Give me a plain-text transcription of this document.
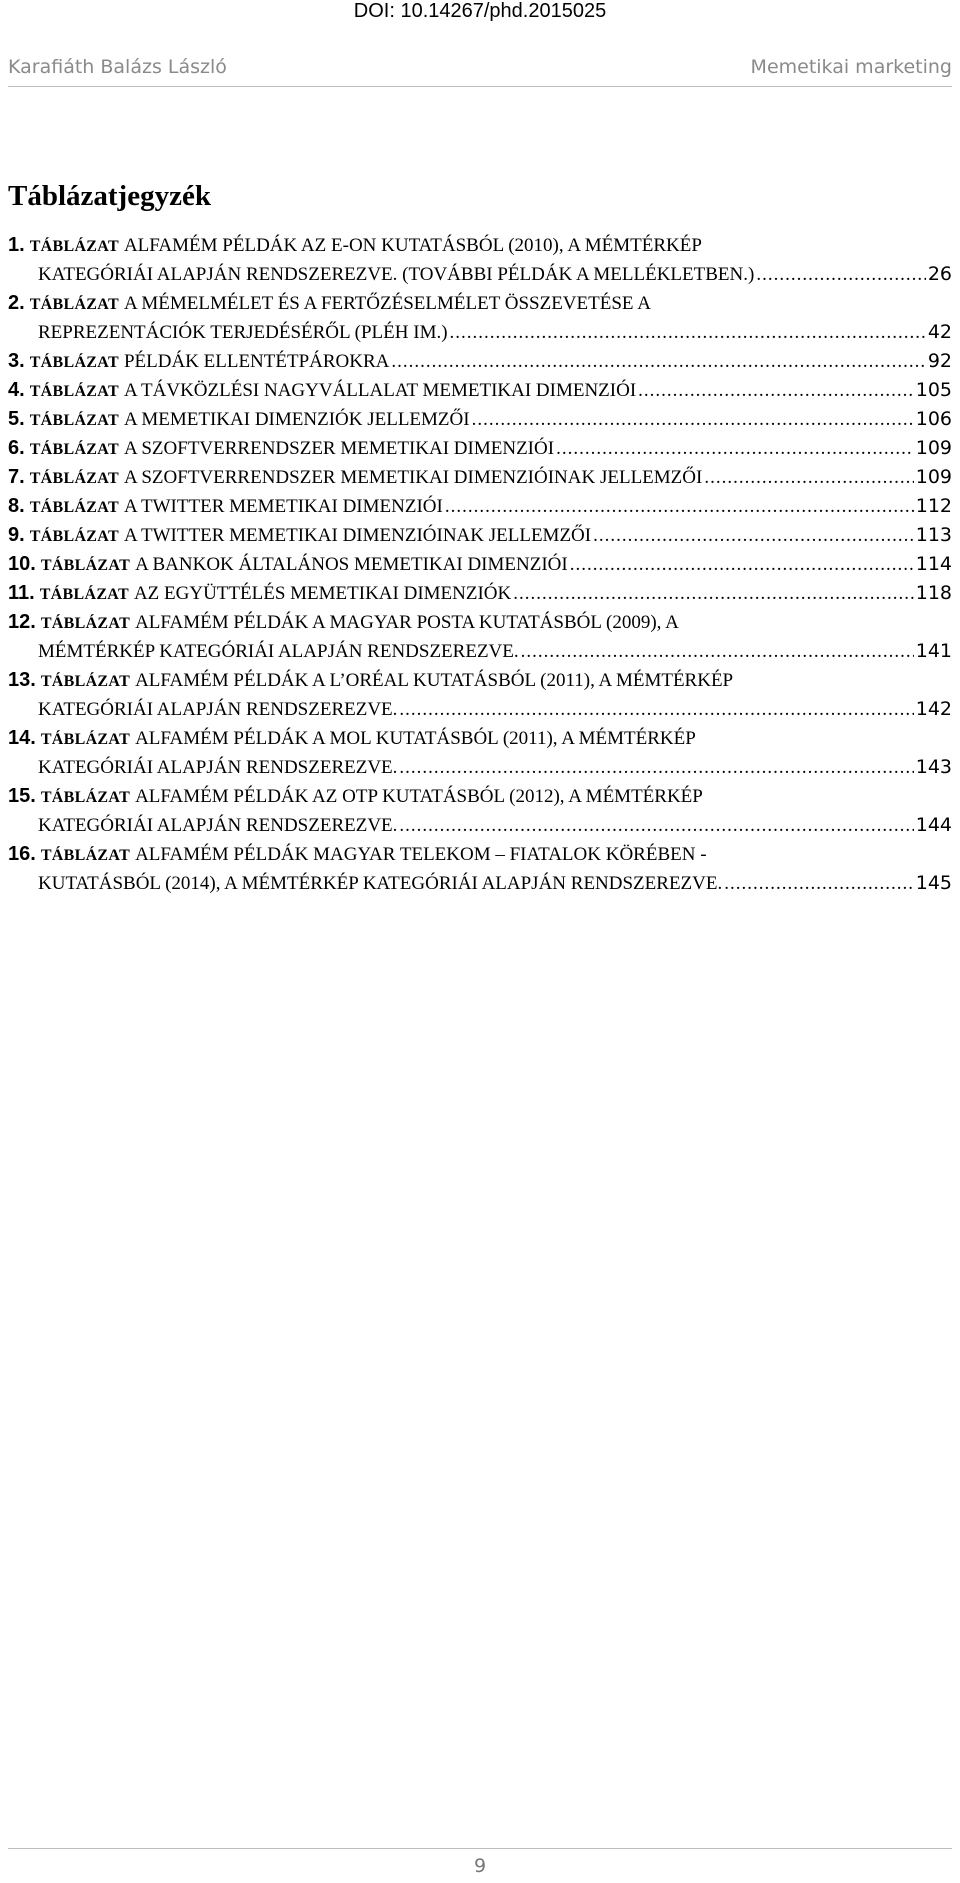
DOI: 10.14267/phd.2015025
Karafiáth Balázs László	Memetikai marketing
Táblázatjegyzék
1. TÁBLÁZAT ALFAMÉM PÉLDÁK AZ E-ON KUTATÁSBÓL (2010), A MÉMTÉRKÉP
KATEGÓRIÁI ALAPJÁN RENDSZEREZVE. (TOVÁBBI PÉLDÁK A MELLÉKLETBEN.) .....	26
2. TÁBLÁZAT A MÉMELMÉLET ÉS A FERTŐZÉSELMÉLET ÖSSZEVETÉSE A
REPREZENTÁCIÓK TERJEDÉSÉRŐL (PLÉH IM.) .....	42
3. TÁBLÁZAT PÉLDÁK ELLENTÉTPÁROKRA .....	92
4. TÁBLÁZAT A TÁVKÖZLÉSI NAGYVÁLLALAT MEMETIKAI DIMENZIÓI .....	105
5. TÁBLÁZAT A MEMETIKAI DIMENZIÓK JELLEMZŐI .....	106
6. TÁBLÁZAT A SZOFTVERRENDSZER MEMETIKAI DIMENZIÓI .....	109
7. TÁBLÁZAT A SZOFTVERRENDSZER MEMETIKAI DIMENZIÓINAK JELLEMZŐI .....	109
8. TÁBLÁZAT A TWITTER MEMETIKAI DIMENZIÓI .....	112
9. TÁBLÁZAT A TWITTER MEMETIKAI DIMENZIÓINAK JELLEMZŐI .....	113
10. TÁBLÁZAT A BANKOK ÁLTALÁNOS MEMETIKAI DIMENZIÓI .....	114
11. TÁBLÁZAT AZ EGYÜTTÉLÉS MEMETIKAI DIMENZIÓK .....	118
12. TÁBLÁZAT ALFAMÉM PÉLDÁK A MAGYAR POSTA KUTATÁSBÓL (2009), A
MÉMTÉRKÉP KATEGÓRIÁI ALAPJÁN RENDSZEREZVE. .....	141
13. TÁBLÁZAT ALFAMÉM PÉLDÁK A L’ORÉAL KUTATÁSBÓL (2011), A MÉMTÉRKÉP
KATEGÓRIÁI ALAPJÁN RENDSZEREZVE. .....	142
14. TÁBLÁZAT ALFAMÉM PÉLDÁK A MOL KUTATÁSBÓL (2011), A MÉMTÉRKÉP
KATEGÓRIÁI ALAPJÁN RENDSZEREZVE. .....	143
15. TÁBLÁZAT ALFAMÉM PÉLDÁK AZ OTP KUTATÁSBÓL (2012), A MÉMTÉRKÉP
KATEGÓRIÁI ALAPJÁN RENDSZEREZVE. .....	144
16. TÁBLÁZAT ALFAMÉM PÉLDÁK MAGYAR TELEKOM – FIATALOK KÖRÉBEN -
KUTATÁSBÓL (2014), A MÉMTÉRKÉP KATEGÓRIÁI ALAPJÁN RENDSZEREZVE. .....	145
9
